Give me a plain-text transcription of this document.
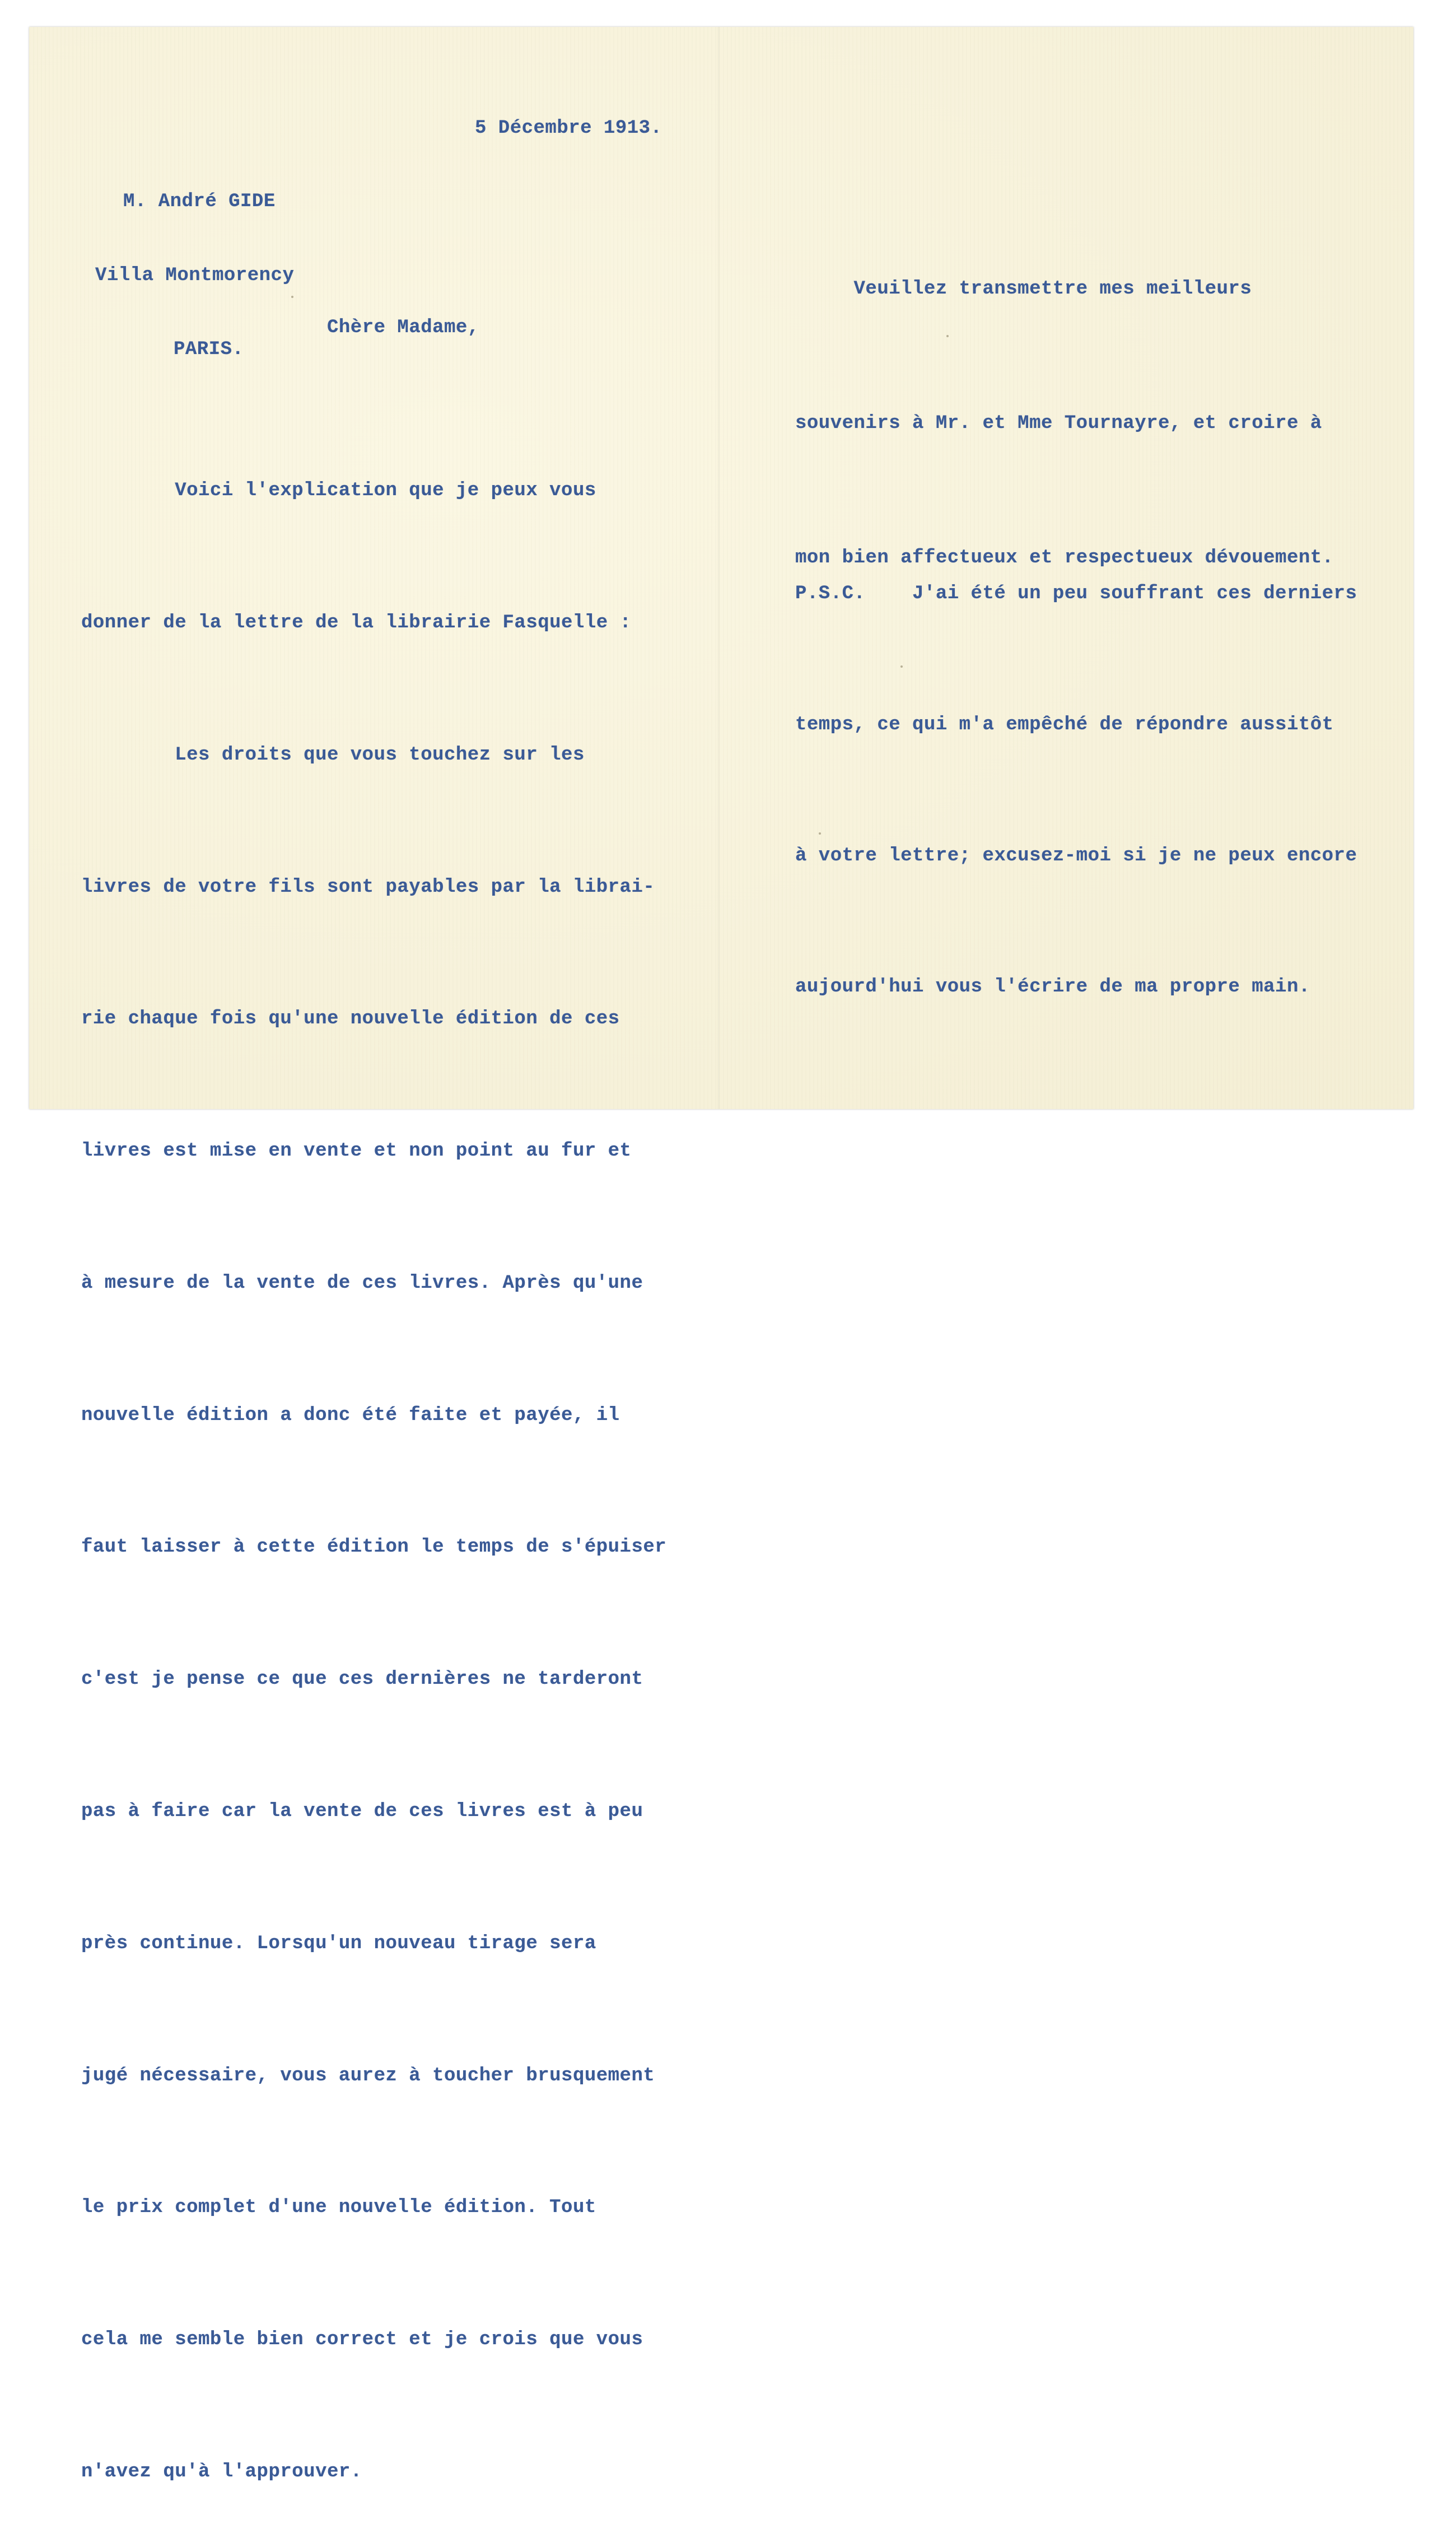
5 Décembre 1913.

M. André GIDE

Villa Montmorency

PARIS.

Chère Madame,

Voici l'explication que je peux vous

donner de la lettre de la librairie Fasquelle :

Les droits que vous touchez sur les

livres de votre fils sont payables par la librai-

rie chaque fois qu'une nouvelle édition de ces

livres est mise en vente et non point au fur et

à mesure de la vente de ces livres. Après qu'une

nouvelle édition a donc été faite et payée, il

faut laisser à cette édition le temps de s'épuiser

c'est je pense ce que ces dernières ne tarderont

pas à faire car la vente de ces livres est à peu

près continue. Lorsqu'un nouveau tirage sera

jugé nécessaire, vous aurez à toucher brusquement

le prix complet d'une nouvelle édition. Tout

cela me semble bien correct et je crois que vous

n'avez qu'à l'approuver.

Veuillez transmettre mes meilleurs

souvenirs à Mr. et Mme Tournayre, et croire à

mon bien affectueux et respectueux dévouement.

P.S.C.    J'ai été un peu souffrant ces derniers

temps, ce qui m'a empêché de répondre aussitôt

à votre lettre; excusez-moi si je ne peux encore

aujourd'hui vous l'écrire de ma propre main.
